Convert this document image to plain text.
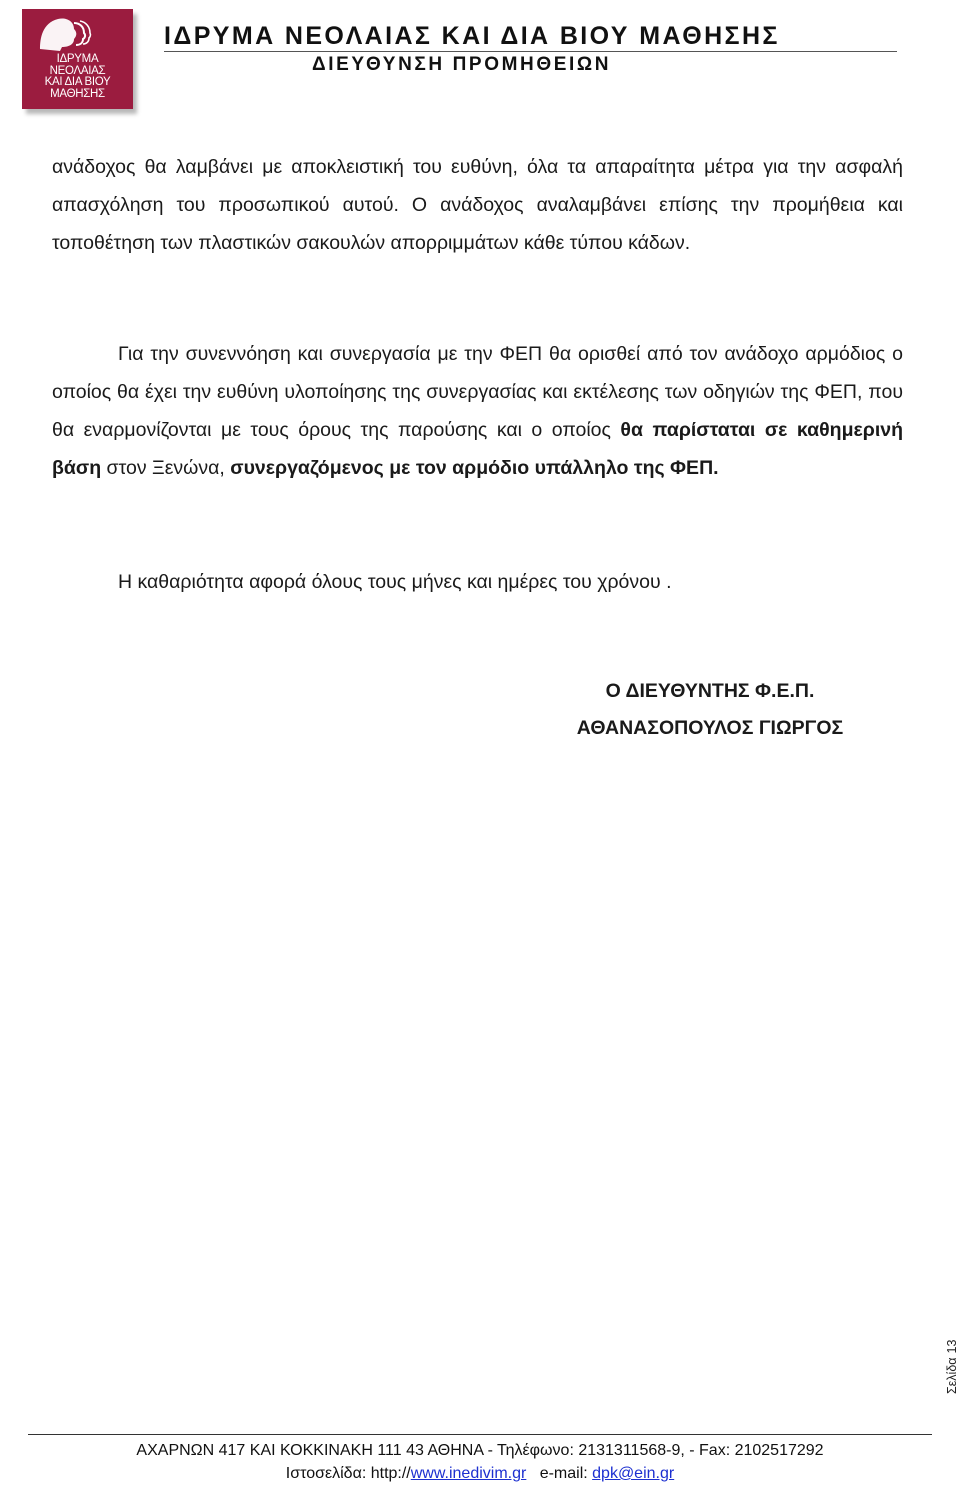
ΙΔΡΥΜΑ
ΝΕΟΛΑΙΑΣ
ΚΑΙ ΔΙΑ ΒΙΟΥ
ΜΑΘΗΣΗΣ
ΙΔΡΥΜΑ ΝΕΟΛΑΙΑΣ ΚΑΙ ΔΙΑ ΒΙΟΥ ΜΑΘΗΣΗΣ
ΔΙΕΥΘΥΝΣΗ ΠΡΟΜΗΘΕΙΩΝ
ανάδοχος θα λαμβάνει με αποκλειστική του ευθύνη, όλα τα απαραίτητα μέτρα για την ασφαλή απασχόληση του προσωπικού αυτού. Ο ανάδοχος αναλαμβάνει επίσης την προμήθεια και τοποθέτηση των πλαστικών σακουλών απορριμμάτων κάθε τύπου κάδων.
Για την συνεννόηση και συνεργασία με την ΦΕΠ θα ορισθεί από τον ανάδοχο αρμόδιος ο οποίος θα έχει την ευθύνη υλοποίησης της συνεργασίας και εκτέλεσης των οδηγιών της ΦΕΠ, που θα εναρμονίζονται με τους όρους της παρούσης και ο οποίος θα παρίσταται σε καθημερινή βάση στον Ξενώνα, συνεργαζόμενος με τον αρμόδιο υπάλληλο της ΦΕΠ.
Η καθαριότητα αφορά όλους τους μήνες και ημέρες του χρόνου .
Ο ΔΙΕΥΘΥΝΤΗΣ Φ.Ε.Π.
ΑΘΑΝΑΣΟΠΟΥΛΟΣ ΓΙΩΡΓΟΣ
Σελίδα13
ΑΧΑΡΝΩΝ 417 ΚΑΙ ΚΟΚΚΙΝΑΚΗ 111 43 ΑΘΗΝΑ - Τηλέφωνο: 2131311568-9, - Fax: 2102517292
Ιστοσελίδα: http://www.inedivim.gr e-mail: dpk@ein.gr
